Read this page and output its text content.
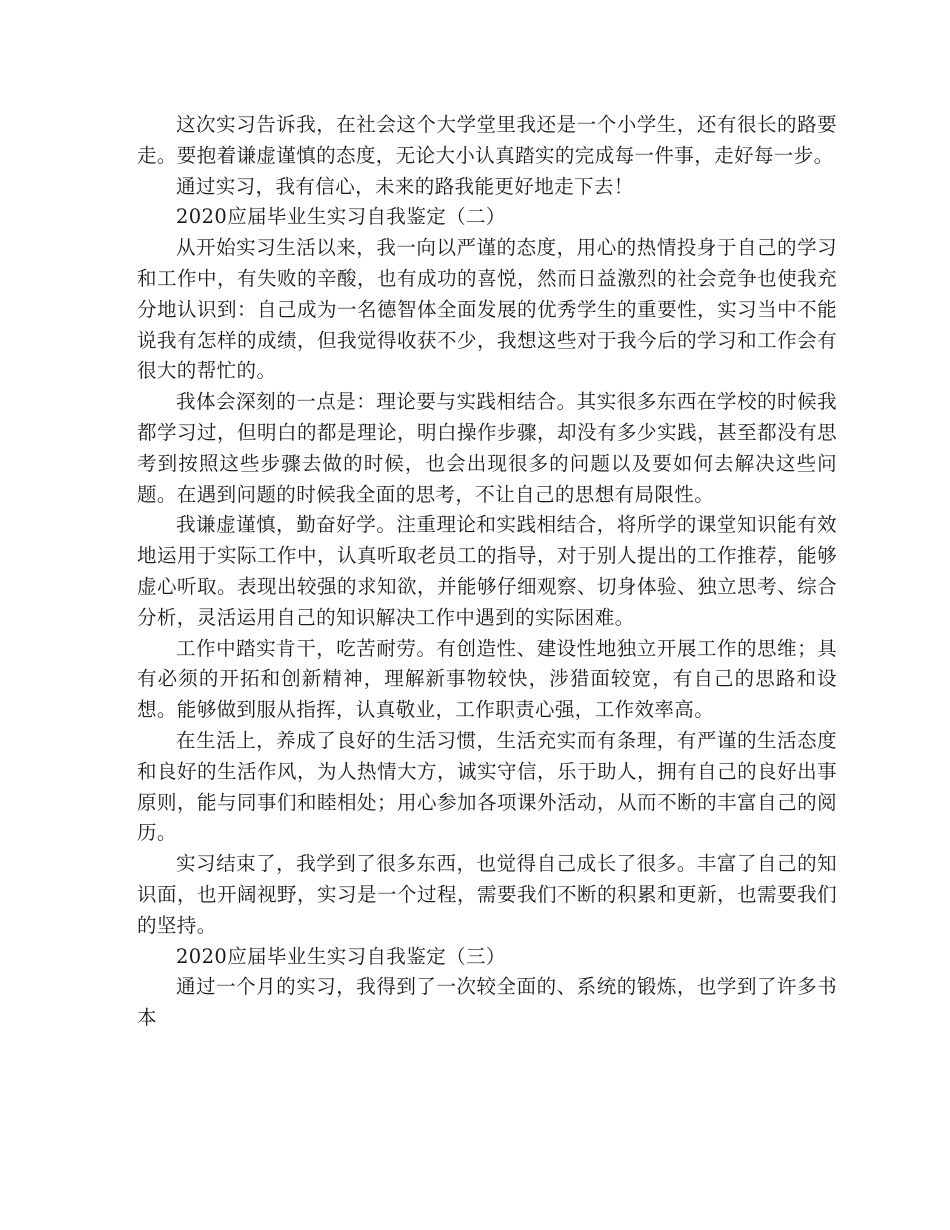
这次实习告诉我，在社会这个大学堂里我还是一个小学生，还有很长的路要走。要抱着谦虚谨慎的态度，无论大小认真踏实的完成每一件事，走好每一步。

通过实习，我有信心，未来的路我能更好地走下去！

2020应届毕业生实习自我鉴定（二）

从开始实习生活以来，我一向以严谨的态度，用心的热情投身于自己的学习和工作中，有失败的辛酸，也有成功的喜悦，然而日益激烈的社会竞争也使我充分地认识到：自己成为一名德智体全面发展的优秀学生的重要性，实习当中不能说我有怎样的成绩，但我觉得收获不少，我想这些对于我今后的学习和工作会有很大的帮忙的。

我体会深刻的一点是：理论要与实践相结合。其实很多东西在学校的时候我都学习过，但明白的都是理论，明白操作步骤，却没有多少实践，甚至都没有思考到按照这些步骤去做的时候，也会出现很多的问题以及要如何去解决这些问题。在遇到问题的时候我全面的思考，不让自己的思想有局限性。

我谦虚谨慎，勤奋好学。注重理论和实践相结合，将所学的课堂知识能有效地运用于实际工作中，认真听取老员工的指导，对于别人提出的工作推荐，能够虚心听取。表现出较强的求知欲，并能够仔细观察、切身体验、独立思考、综合分析，灵活运用自己的知识解决工作中遇到的实际困难。

工作中踏实肯干，吃苦耐劳。有创造性、建设性地独立开展工作的思维；具有必须的开拓和创新精神，理解新事物较快，涉猎面较宽，有自己的思路和设想。能够做到服从指挥，认真敬业，工作职责心强，工作效率高。

在生活上，养成了良好的生活习惯，生活充实而有条理，有严谨的生活态度和良好的生活作风，为人热情大方，诚实守信，乐于助人，拥有自己的良好出事原则，能与同事们和睦相处；用心参加各项课外活动，从而不断的丰富自己的阅历。

实习结束了，我学到了很多东西，也觉得自己成长了很多。丰富了自己的知识面，也开阔视野，实习是一个过程，需要我们不断的积累和更新，也需要我们的坚持。

2020应届毕业生实习自我鉴定（三）

通过一个月的实习，我得到了一次较全面的、系统的锻炼，也学到了许多书本
